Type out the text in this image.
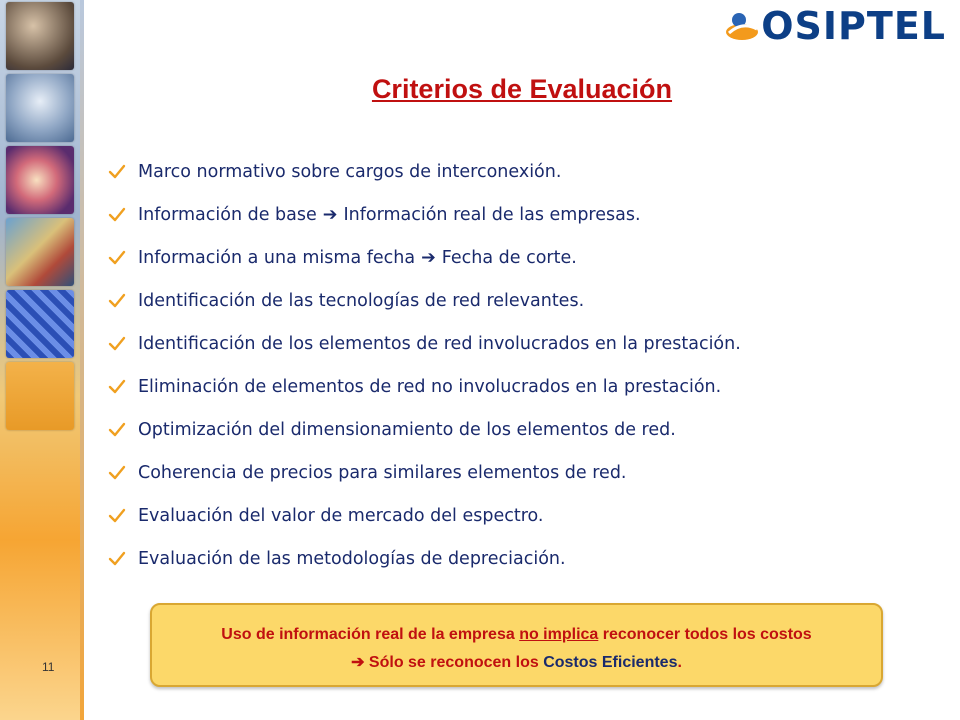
OSIPTEL
Criterios de Evaluación
Marco normativo sobre cargos de interconexión.
Información de base ➔ Información real de las empresas.
Información a una misma fecha ➔ Fecha de corte.
Identificación de las tecnologías de red relevantes.
Identificación de los elementos de red involucrados en la prestación.
Eliminación de elementos de red no involucrados en la prestación.
Optimización del dimensionamiento de los elementos de red.
Coherencia de precios para similares elementos de red.
Evaluación del valor de mercado del espectro.
Evaluación de las metodologías de depreciación.
Uso de información real de la empresa no implica reconocer todos los costos
➔ Sólo se reconocen los Costos Eficientes.
11
